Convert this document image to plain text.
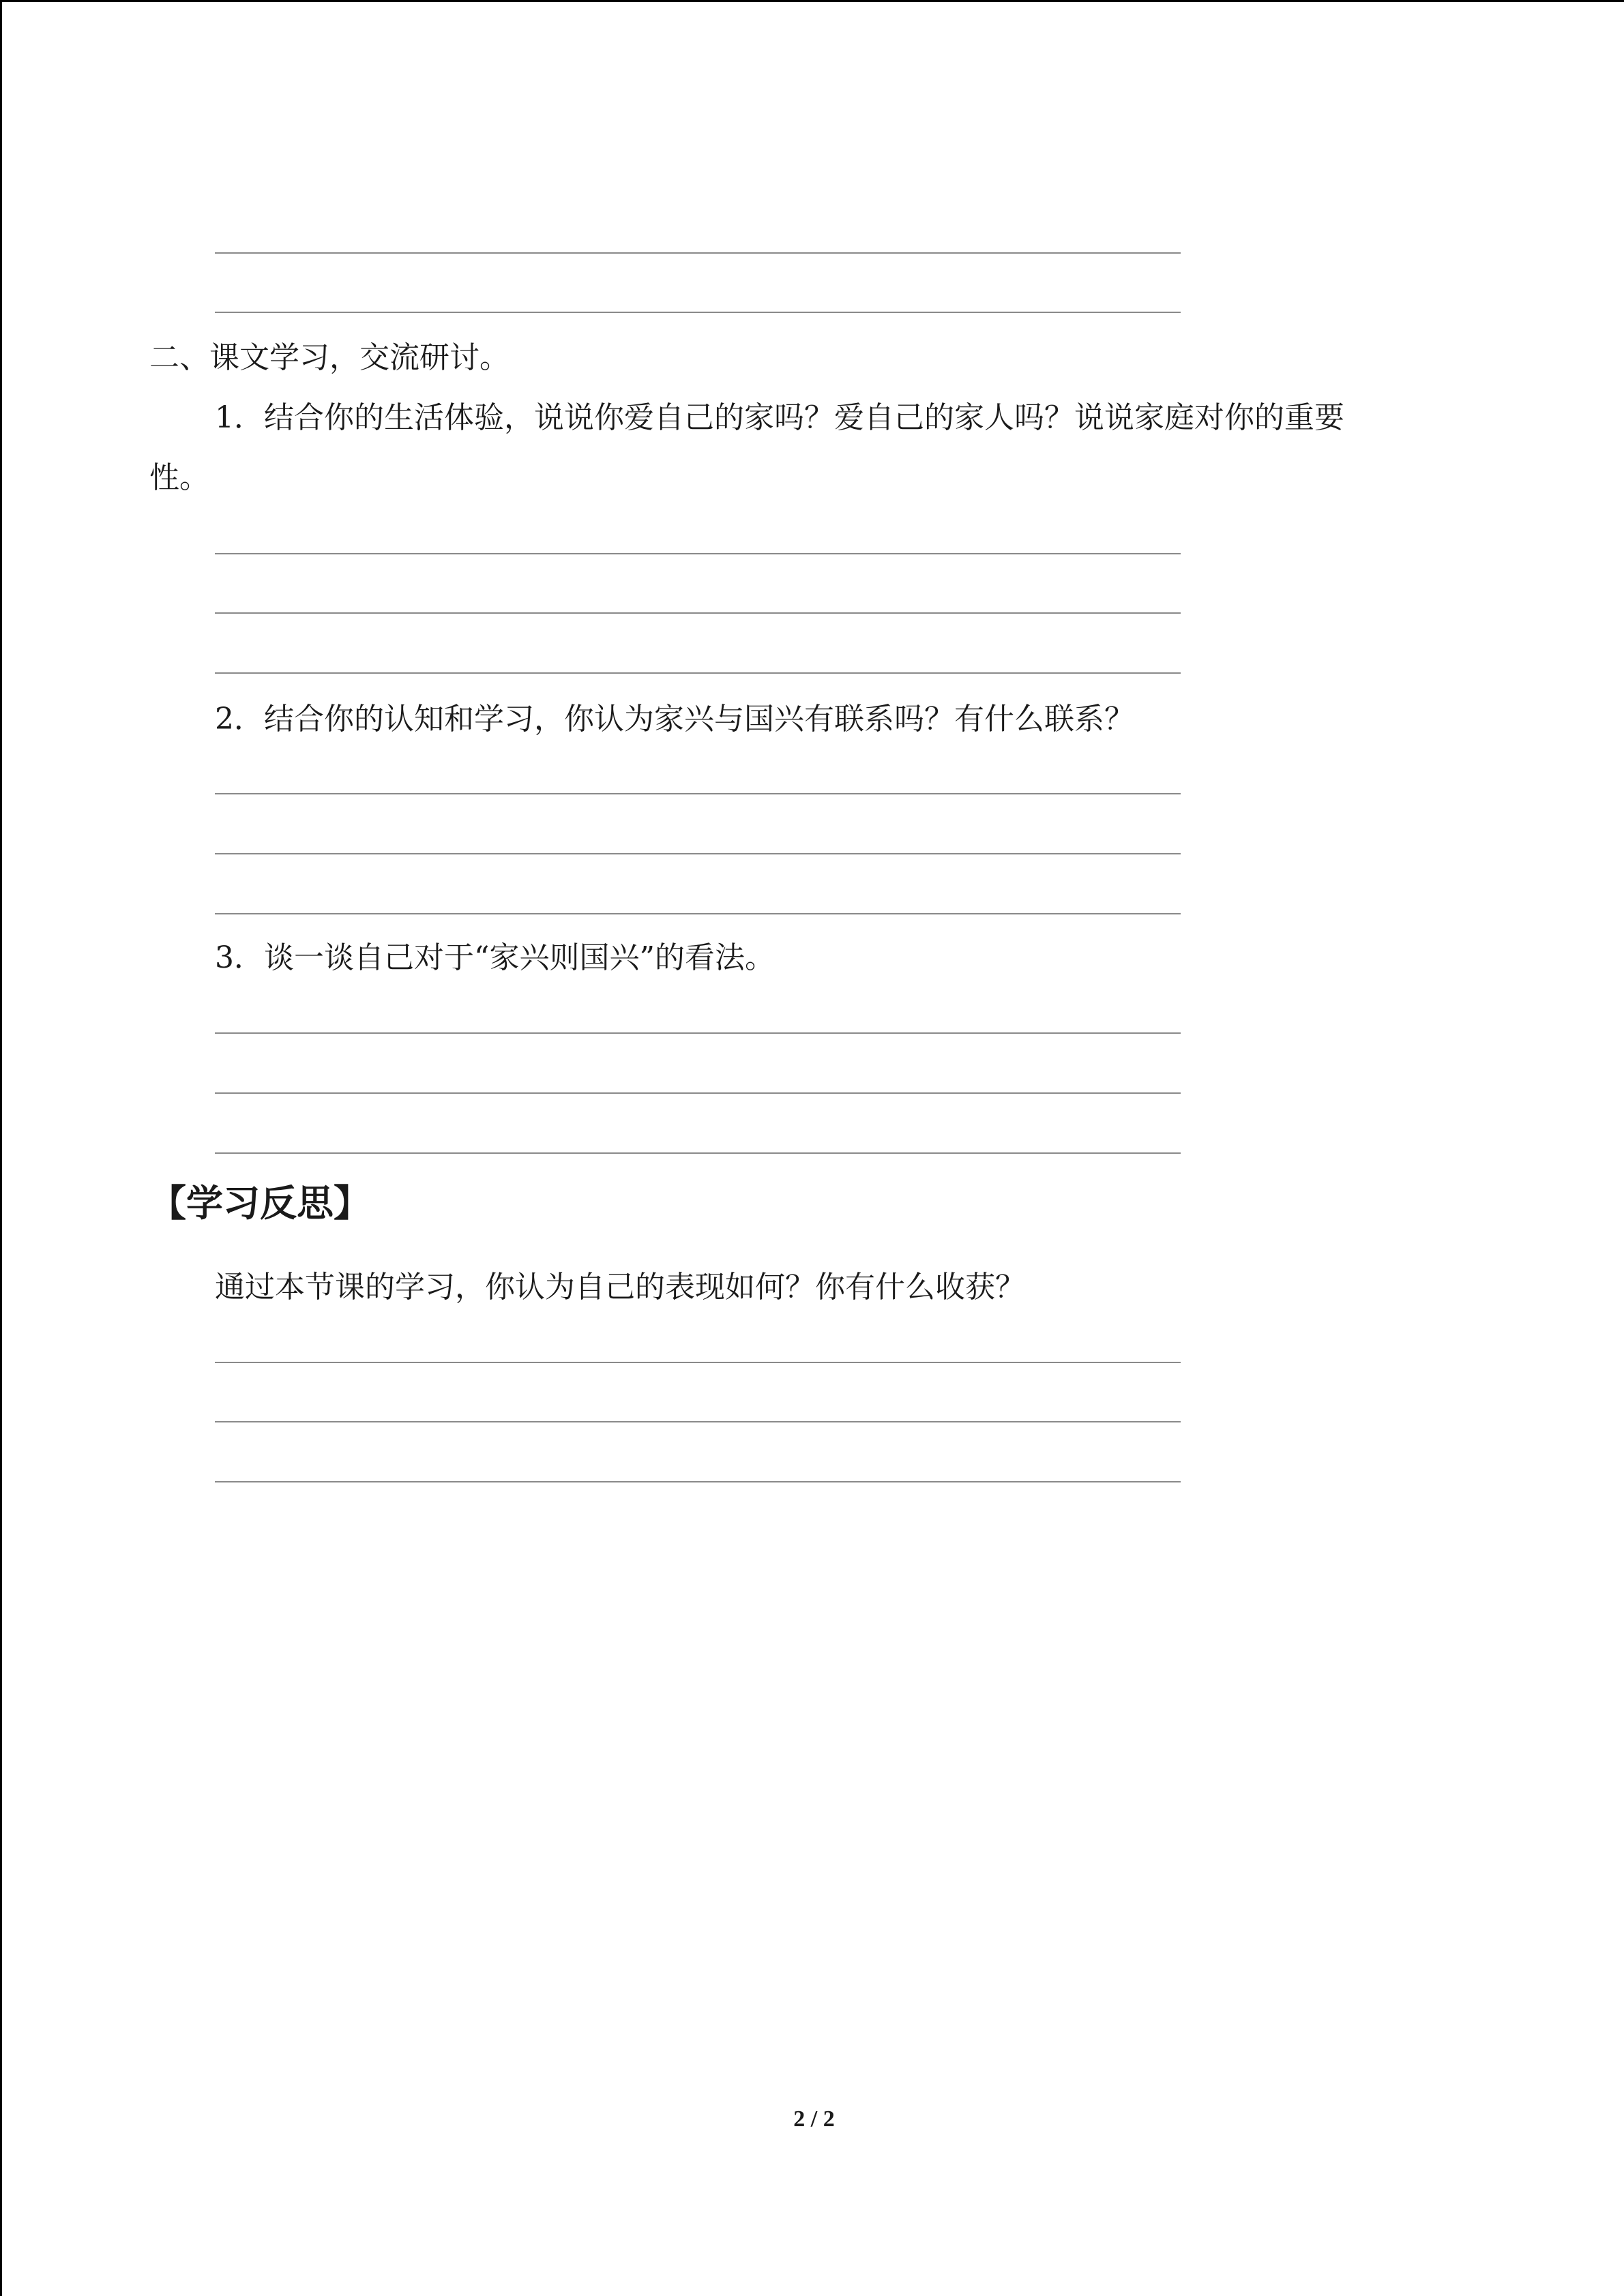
二、课文学习，交流研讨。
1．结合你的生活体验，说说你爱自己的家吗？爱自己的家人吗？说说家庭对你的重要
性。
2．结合你的认知和学习，你认为家兴与国兴有联系吗？有什么联系？
3．谈一谈自己对于“家兴则国兴”的看法。
【学习反思】
通过本节课的学习，你认为自己的表现如何？你有什么收获？
2 / 2
